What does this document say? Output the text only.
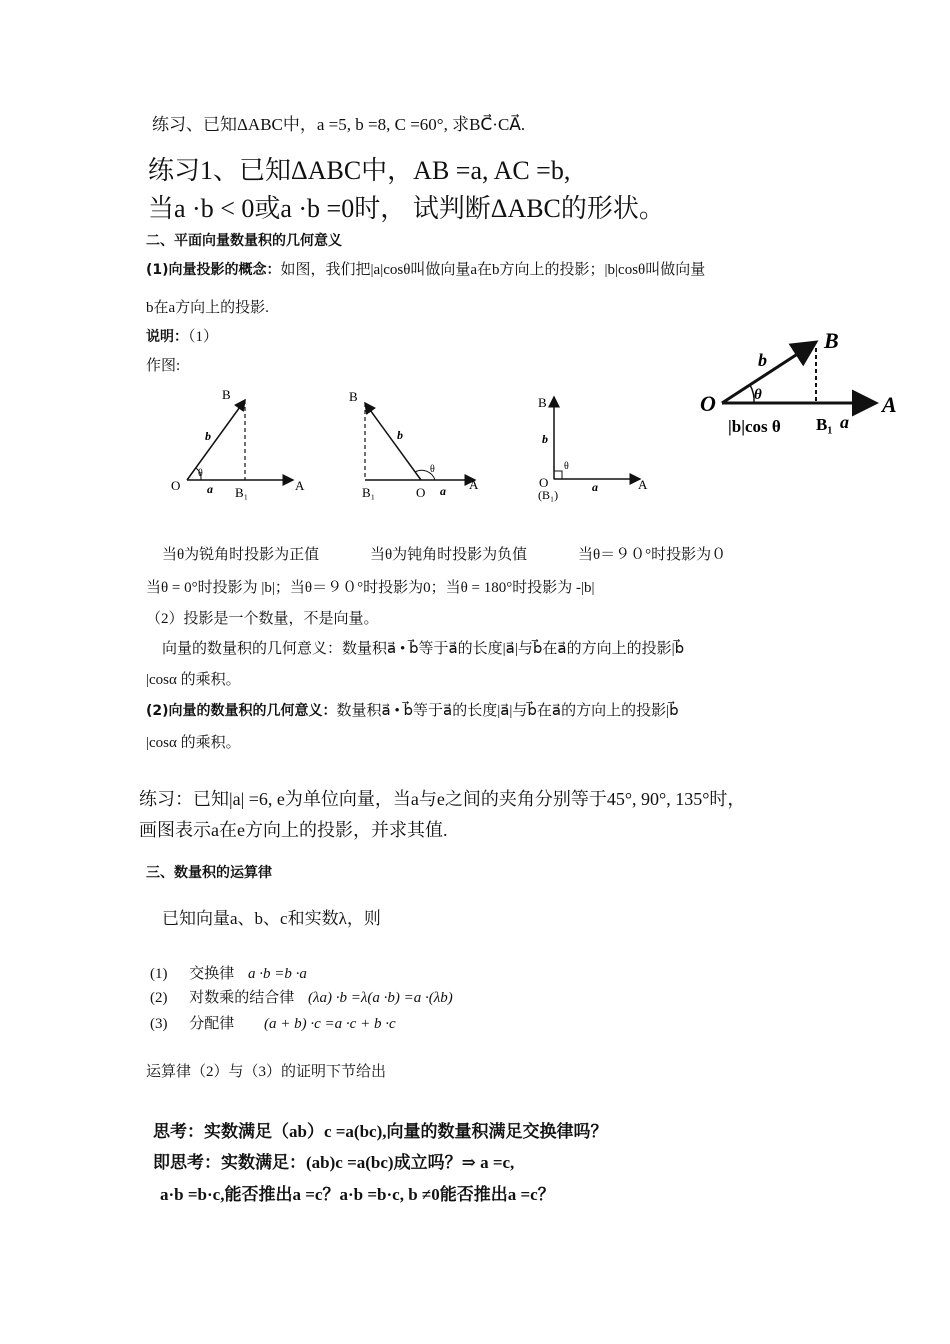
练习、已知ΔABC中，a =5, b =8, C =60°, 求BC⃗·CA⃗.
练习1、已知ΔABC中，AB =a, AC =b,
当a ·b < 0或a ·b =0时， 试判断ΔABC的形状。
二、平面向量数量积的几何意义
(1)向量投影的概念：如图，我们把|a|cosθ叫做向量a在b方向上的投影；|b|cosθ叫做向量
b在a方向上的投影.
说明：（1）
作图:
O
B
B₁	A
a
b
θ
B
B₁	O
A
a
b
θ
B
O
(B₁)
A
a
b
θ
O
B
A
B₁ a
b
θ
|b|cos θ
当θ为锐角时投影为正值	当θ为钝角时投影为负值	当θ＝９０°时投影为０
当θ = 0°时投影为 |b|；当θ＝９０°时投影为0；当θ = 180°时投影为 -|b|
（2）投影是一个数量，不是向量。
向量的数量积的几何意义：数量积a⃗ • b⃗等于a⃗的长度|a⃗|与b⃗在a⃗的方向上的投影|b⃗
|cosα 的乘积。
(2)向量的数量积的几何意义：数量积a⃗ • b⃗等于a⃗的长度|a⃗|与b⃗在a⃗的方向上的投影|b⃗
|cosα 的乘积。
练习：已知|a| =6, e为单位向量，当a与e之间的夹角分别等于45°, 90°, 135°时，
画图表示a在e方向上的投影，并求其值.
三、数量积的运算律
已知向量a、b、c和实数λ，则
(1) 交换律 a ·b =b ·a
(2) 对数乘的结合律 (λa) ·b =λ(a ·b) =a ·(λb)
(3) 分配律 (a + b) ·c =a ·c + b ·c
运算律（2）与（3）的证明下节给出
思考：实数满足（ab）c =a(bc),向量的数量积满足交换律吗？
即思考：实数满足：(ab)c =a(bc)成立吗？⇒ a =c,
a·b =b·c,能否推出a =c？a·b =b·c, b ≠0能否推出a =c？
